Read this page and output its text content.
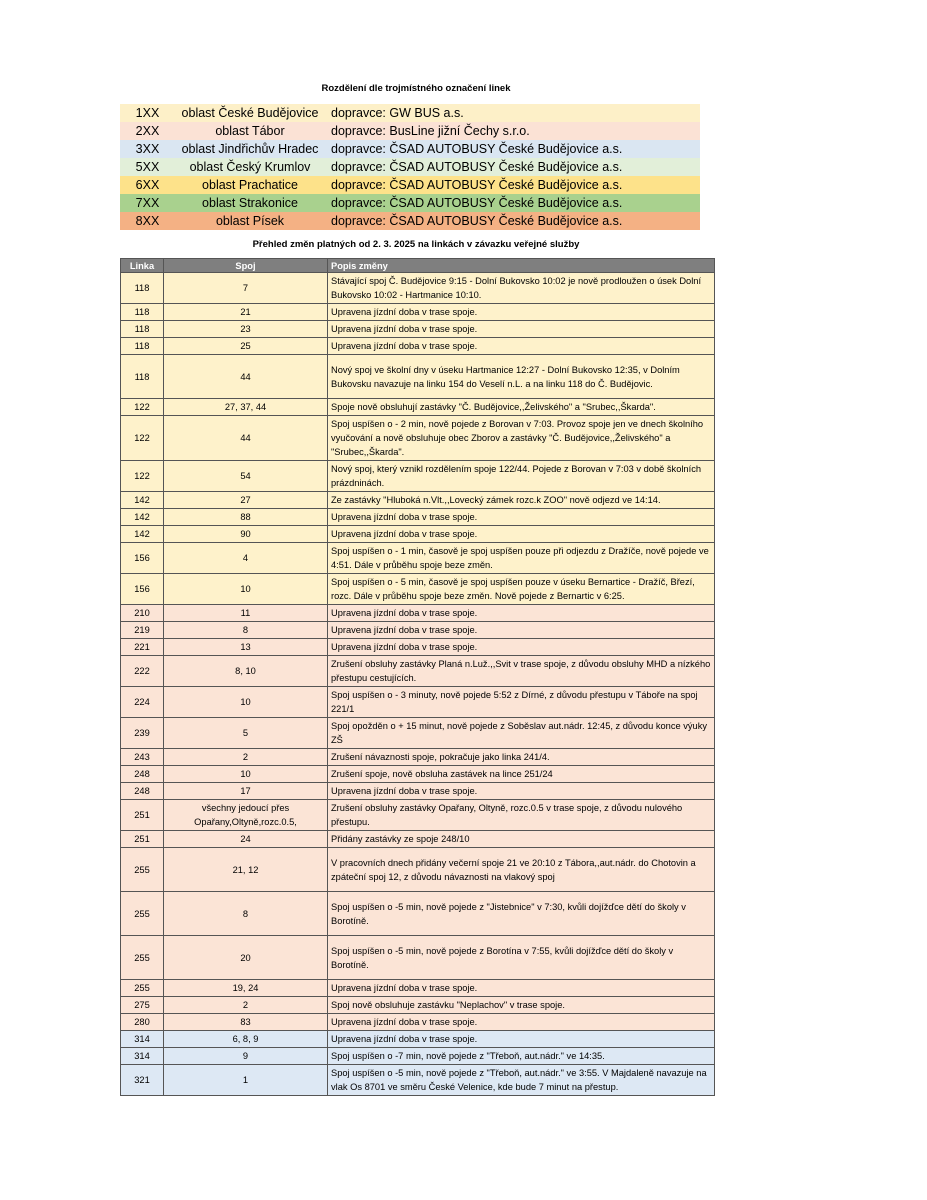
Rozdělení dle trojmístného označení linek
1XX	oblast České Budějovice	dopravce: GW BUS a.s.
2XX	oblast Tábor	dopravce: BusLine jižní Čechy s.r.o.
3XX	oblast Jindřichův Hradec	dopravce: ČSAD AUTOBUSY České Budějovice a.s.
5XX	oblast Český Krumlov	dopravce: ČSAD AUTOBUSY České Budějovice a.s.
6XX	oblast Prachatice	dopravce: ČSAD AUTOBUSY České Budějovice a.s.
7XX	oblast Strakonice	dopravce: ČSAD AUTOBUSY České Budějovice a.s.
8XX	oblast Písek	dopravce: ČSAD AUTOBUSY České Budějovice a.s.
Přehled změn platných od 2. 3. 2025 na linkách v závazku veřejné služby
Linka	Spoj	Popis změny
118	7	Stávající spoj Č. Budějovice 9:15 - Dolní Bukovsko 10:02 je nově prodloužen o úsek Dolní Bukovsko 10:02 - Hartmanice 10:10.
118	21	Upravena jízdní doba v trase spoje.
118	23	Upravena jízdní doba v trase spoje.
118	25	Upravena jízdní doba v trase spoje.
118	44	Nový spoj ve školní dny v úseku Hartmanice 12:27 - Dolní Bukovsko 12:35, v Dolním Bukovsku navazuje na linku 154 do Veselí n.L. a na linku 118 do Č. Budějovic.
122	27, 37, 44	Spoje nově obsluhují zastávky "Č. Budějovice,,Želivského" a "Srubec,,Škarda".
122	44	Spoj uspíšen o - 2 min, nově pojede z Borovan v 7:03. Provoz spoje jen ve dnech školního vyučování a nově obsluhuje obec Zborov a zastávky "Č. Budějovice,,Želivského" a "Srubec,,Škarda".
122	54	Nový spoj, který vznikl rozdělením spoje 122/44. Pojede z Borovan v 7:03 v době školních prázdninách.
142	27	Ze zastávky "Hluboká n.Vlt.,,Lovecký zámek rozc.k ZOO" nově odjezd ve 14:14.
142	88	Upravena jízdní doba v trase spoje.
142	90	Upravena jízdní doba v trase spoje.
156	4	Spoj uspíšen o - 1 min, časově je spoj uspíšen pouze při odjezdu z Dražíče, nově pojede ve 4:51. Dále v průběhu spoje beze změn.
156	10	Spoj uspíšen o - 5 min, časově je spoj uspíšen pouze v úseku Bernartice - Dražíč, Březí, rozc. Dále v průběhu spoje beze změn. Nově pojede z Bernartic v 6:25.
210	11	Upravena jízdní doba v trase spoje.
219	8	Upravena jízdní doba v trase spoje.
221	13	Upravena jízdní doba v trase spoje.
222	8, 10	Zrušení obsluhy zastávky Planá n.Luž.,,Svit v trase spoje, z důvodu obsluhy MHD a nízkého přestupu cestujících.
224	10	Spoj uspíšen o - 3 minuty, nově pojede 5:52 z Dírné, z důvodu přestupu v Táboře na spoj 221/1
239	5	Spoj opožděn o + 15 minut, nově pojede z Soběslav aut.nádr. 12:45, z důvodu konce výuky ZŠ
243	2	Zrušení návaznosti spoje, pokračuje jako linka 241/4.
248	10	Zrušení spoje, nově obsluha zastávek na lince 251/24
248	17	Upravena jízdní doba v trase spoje.
251	všechny jedoucí přes Opařany,Oltyně,rozc.0.5,	Zrušení obsluhy zastávky Opařany, Oltyně, rozc.0.5 v trase spoje, z důvodu nulového přestupu.
251	24	Přidány zastávky ze spoje 248/10
255	21, 12	V pracovních dnech přidány večerní spoje 21 ve 20:10 z Tábora,,aut.nádr. do Chotovin a zpáteční spoj 12, z důvodu návaznosti na vlakový spoj
255	8	Spoj uspíšen o -5 min, nově pojede z "Jistebnice" v 7:30, kvůli dojížďce dětí do školy v Borotíně.
255	20	Spoj uspíšen o -5 min, nově pojede z Borotína v 7:55, kvůli dojížďce dětí do školy v Borotíně.
255	19, 24	Upravena jízdní doba v trase spoje.
275	2	Spoj nově obsluhuje zastávku "Neplachov" v trase spoje.
280	83	Upravena jízdní doba v trase spoje.
314	6, 8, 9	Upravena jízdní doba v trase spoje.
314	9	Spoj uspíšen o -7 min, nově pojede z "Třeboň, aut.nádr." ve 14:35.
321	1	Spoj uspíšen o -5 min, nově pojede z "Třeboň, aut.nádr." ve 3:55. V Majdaleně navazuje na vlak Os 8701 ve směru České Velenice, kde bude 7 minut na přestup.
